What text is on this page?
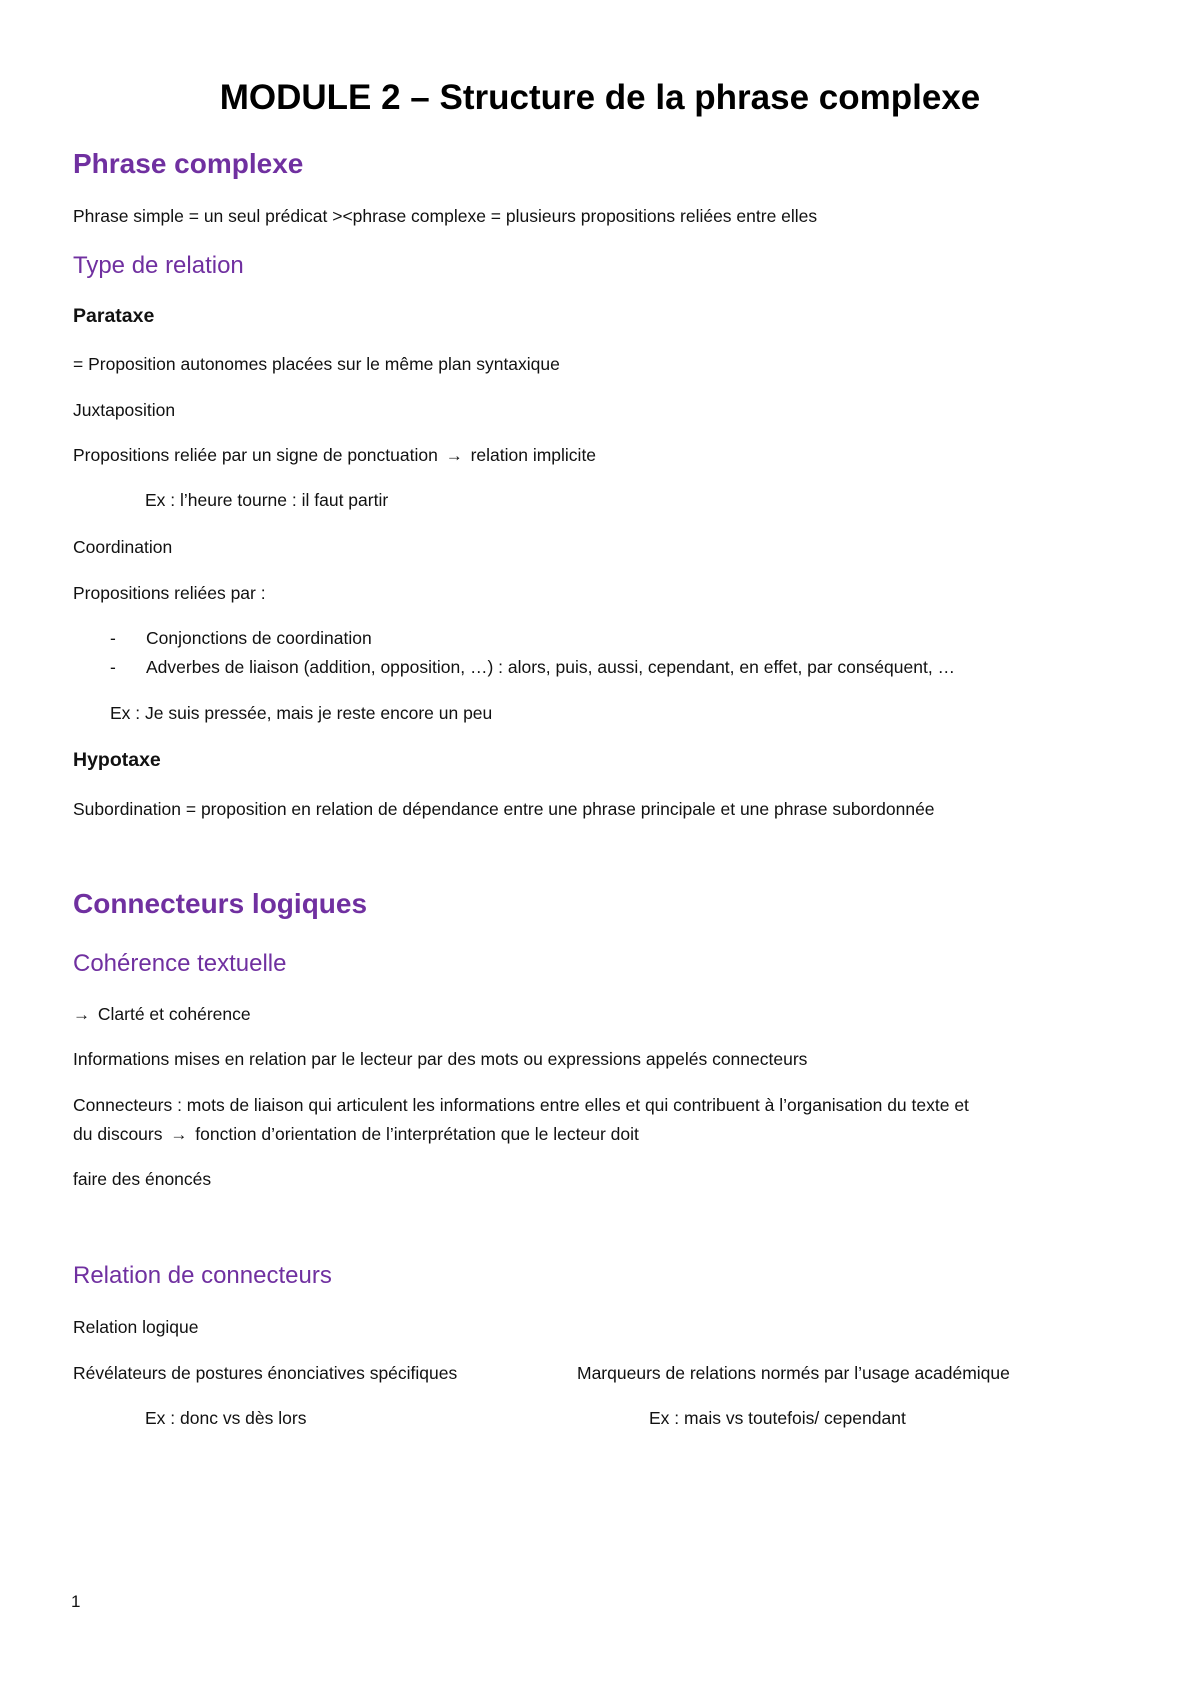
MODULE 2 – Structure de la phrase complexe
Phrase complexe
Phrase simple = un seul prédicat ><phrase complexe = plusieurs propositions reliées entre elles
Type de relation
Parataxe
= Proposition autonomes placées sur le même plan syntaxique
Juxtaposition
Propositions reliée par un signe de ponctuation → relation implicite
Ex : l’heure tourne : il faut partir
Coordination
Propositions reliées par :
- Conjonctions de coordination
- Adverbes de liaison (addition, opposition, …) : alors, puis, aussi, cependant, en effet, par conséquent, …
Ex : Je suis pressée, mais je reste encore un peu
Hypotaxe
Subordination = proposition en relation de dépendance entre une phrase principale et une phrase subordonnée
Connecteurs logiques
Cohérence textuelle
→ Clarté et cohérence
Informations mises en relation par le lecteur par des mots ou expressions appelés connecteurs
Connecteurs : mots de liaison qui articulent les informations entre elles et qui contribuent à l’organisation du texte et
du discours → fonction d’orientation de l’interprétation que le lecteur doit
faire des énoncés
Relation de connecteurs
Relation logique
Révélateurs de postures énonciatives spécifiques	Marqueurs de relations normés par l’usage académique
Ex : donc vs dès lors	Ex : mais vs toutefois/ cependant
1
